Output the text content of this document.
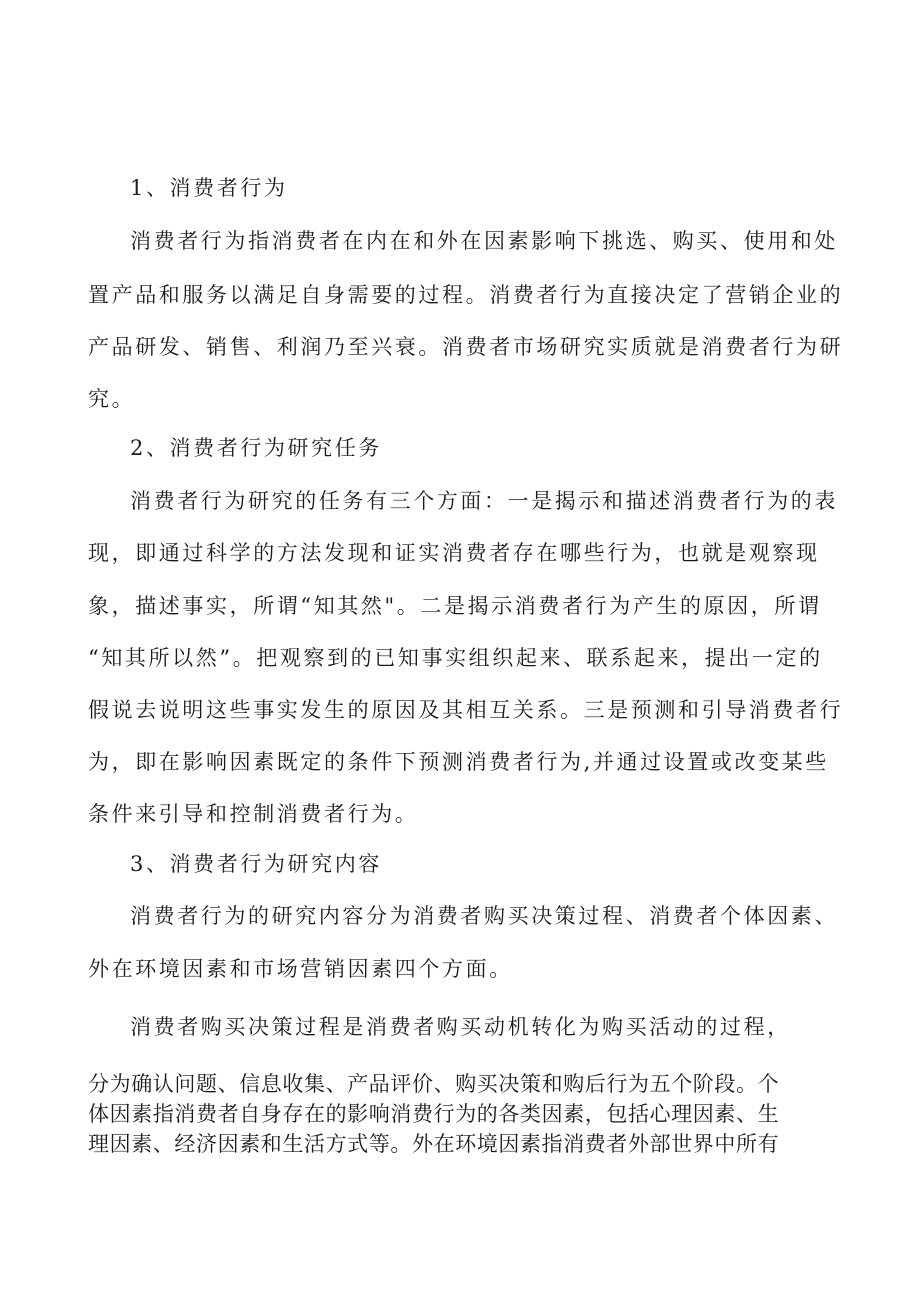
1、消费者行为
消费者行为指消费者在内在和外在因素影响下挑选、购买、使用和处
置产品和服务以满足自身需要的过程。消费者行为直接决定了营销企业的
产品研发、销售、利润乃至兴衰。消费者市场研究实质就是消费者行为研
究。
2、消费者行为研究任务
消费者行为研究的任务有三个方面：一是揭示和描述消费者行为的表
现，即通过科学的方法发现和证实消费者存在哪些行为，也就是观察现
象，描述事实，所谓“知其然"。二是揭示消费者行为产生的原因，所谓
“知其所以然”。把观察到的已知事实组织起来、联系起来，提出一定的
假说去说明这些事实发生的原因及其相互关系。三是预测和引导消费者行
为，即在影响因素既定的条件下预测消费者行为,并通过设置或改变某些
条件来引导和控制消费者行为。
3、消费者行为研究内容
消费者行为的研究内容分为消费者购买决策过程、消费者个体因素、
外在环境因素和市场营销因素四个方面。
消费者购买决策过程是消费者购买动机转化为购买活动的过程，
分为确认问题、信息收集、产品评价、购买决策和购后行为五个阶段。个
体因素指消费者自身存在的影响消费行为的各类因素，包括心理因素、生
理因素、经济因素和生活方式等。外在环境因素指消费者外部世界中所有
